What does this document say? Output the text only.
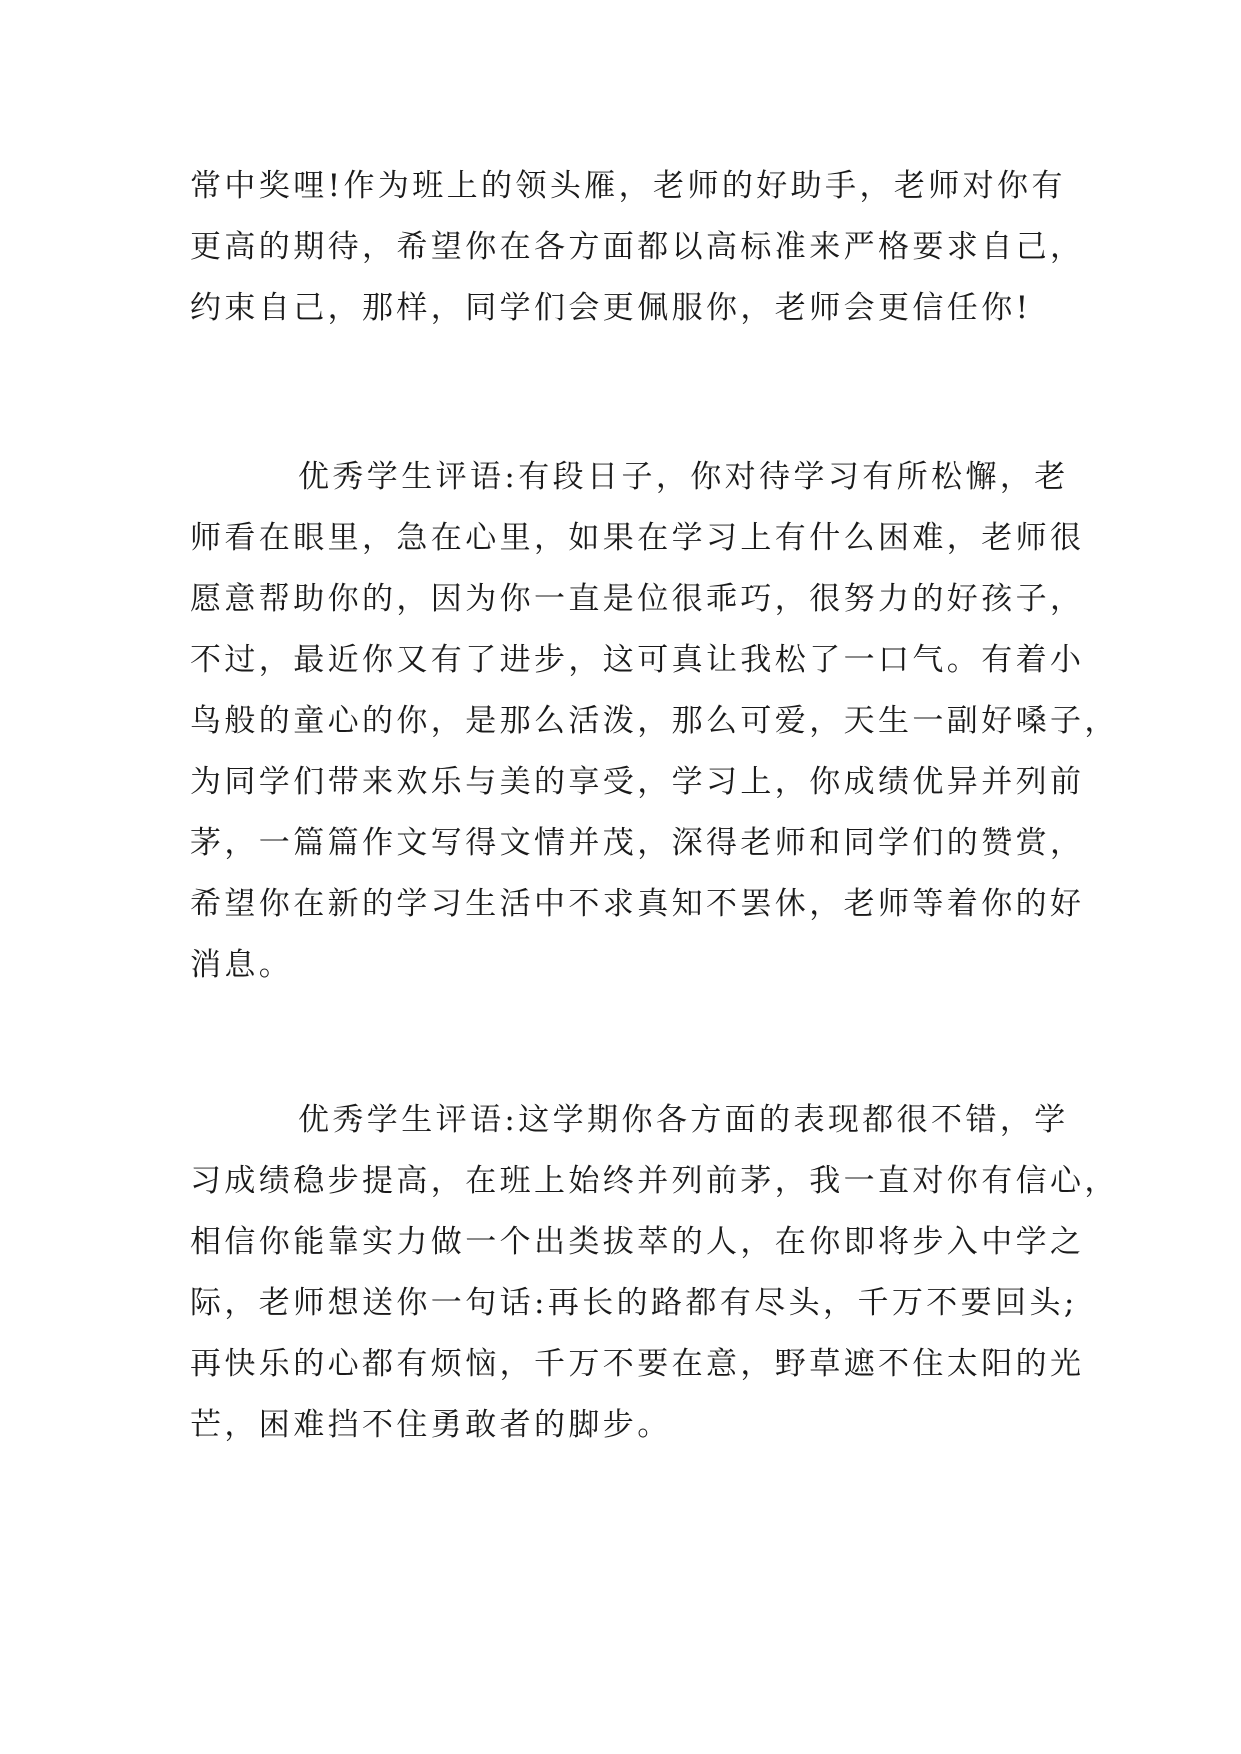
常中奖哩!作为班上的领头雁，老师的好助手，老师对你有
更高的期待，希望你在各方面都以高标准来严格要求自己，
约束自己，那样，同学们会更佩服你，老师会更信任你!
优秀学生评语:有段日子，你对待学习有所松懈，老
师看在眼里，急在心里，如果在学习上有什么困难，老师很
愿意帮助你的，因为你一直是位很乖巧，很努力的好孩子，
不过，最近你又有了进步，这可真让我松了一口气。有着小
鸟般的童心的你，是那么活泼，那么可爱，天生一副好嗓子，
为同学们带来欢乐与美的享受，学习上，你成绩优异并列前
茅，一篇篇作文写得文情并茂，深得老师和同学们的赞赏，
希望你在新的学习生活中不求真知不罢休，老师等着你的好
消息。
优秀学生评语:这学期你各方面的表现都很不错，学
习成绩稳步提高，在班上始终并列前茅，我一直对你有信心，
相信你能靠实力做一个出类拔萃的人，在你即将步入中学之
际，老师想送你一句话:再长的路都有尽头，千万不要回头;
再快乐的心都有烦恼，千万不要在意，野草遮不住太阳的光
芒，困难挡不住勇敢者的脚步。
